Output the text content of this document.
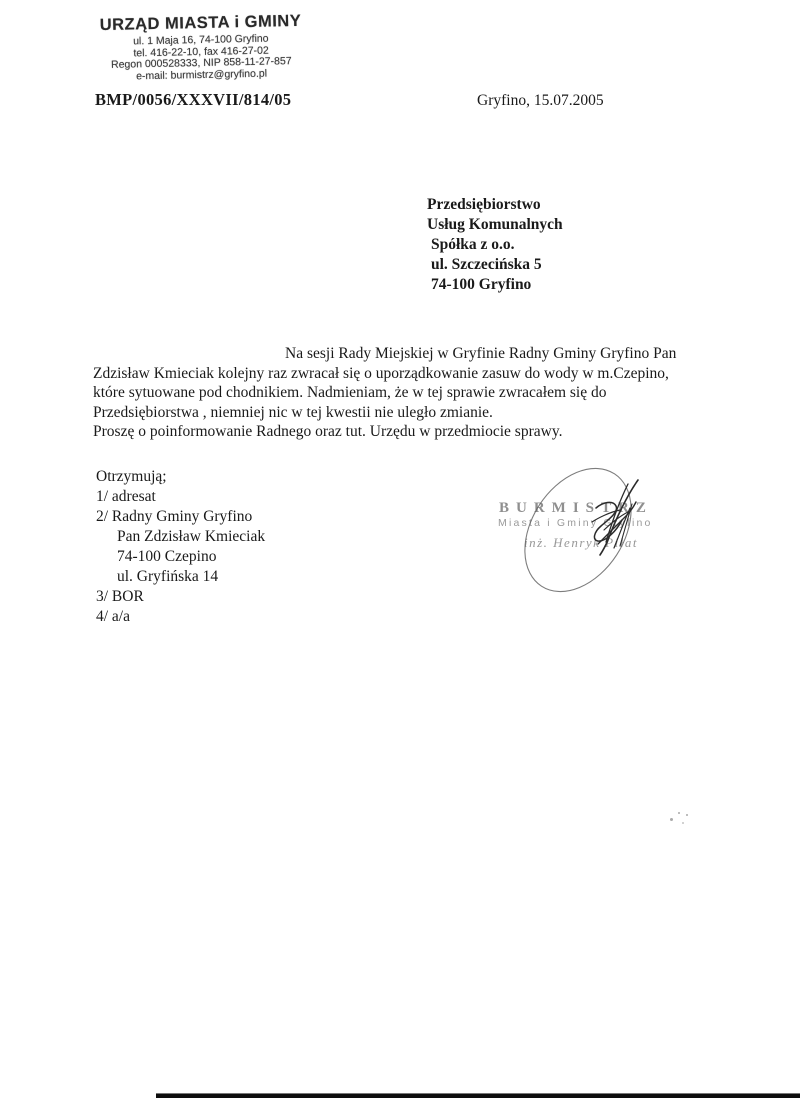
URZĄD MIASTA i GMINY
ul. 1 Maja 16, 74-100 Gryfino
tel. 416-22-10, fax 416-27-02
Regon 000528333, NIP 858-11-27-857
e-mail: burmistrz@gryfino.pl
BMP/0056/XXXVII/814/05	Gryfino, 15.07.2005
Przedsiębiorstwo
Usług Komunalnych
Spółka z o.o.
ul. Szczecińska 5
74-100 Gryfino
Na sesji Rady Miejskiej w Gryfinie Radny Gminy Gryfino Pan
Zdzisław Kmieciak kolejny raz zwracał się o uporządkowanie zasuw do wody w m.Czepino,
które sytuowane pod chodnikiem. Nadmieniam, że w tej sprawie zwracałem się do
Przedsiębiorstwa , niemniej nic w tej kwestii nie uległo zmianie.
Proszę o poinformowanie Radnego oraz tut. Urzędu w przedmiocie sprawy.
Otrzymują;
1/ adresat
2/ Radny Gminy Gryfino
Pan Zdzisław Kmieciak
74-100 Czepino
ul. Gryfińska 14
3/ BOR
4/ a/a
BURMISTRZ
Miasta i Gminy Gryfino
inż. Henryk Piłat
